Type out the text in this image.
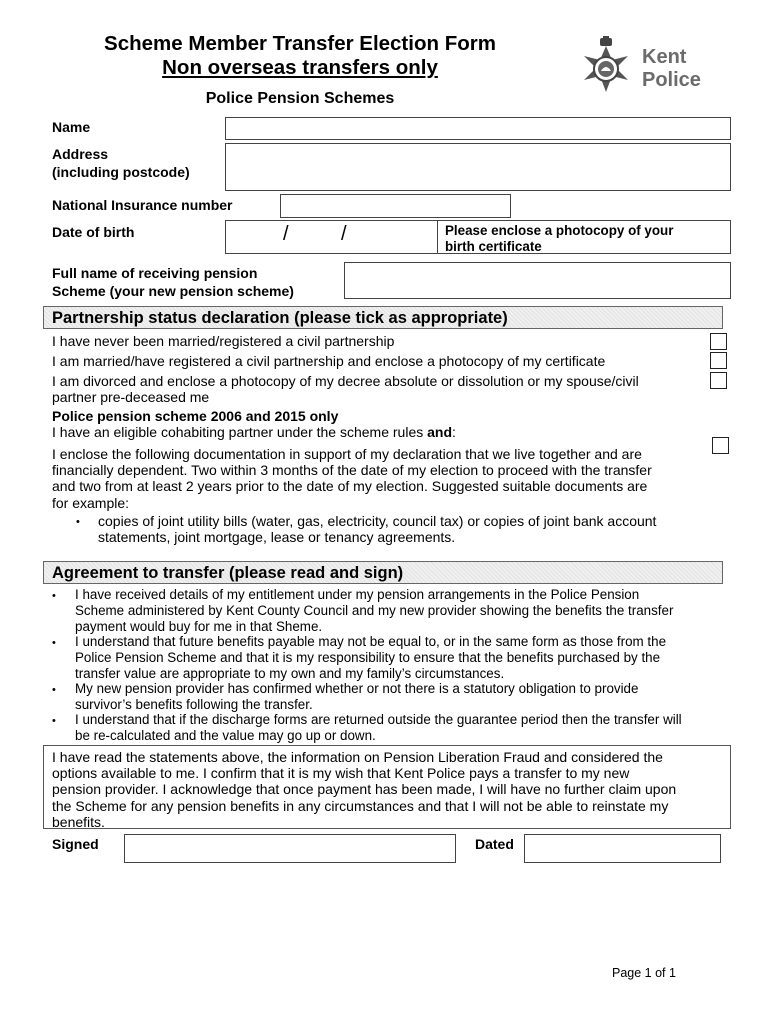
Scheme Member Transfer Election Form
Non overseas transfers only
Police Pension Schemes
Kent
Police
Name
Address
(including postcode)
National Insurance number
Date of birth	/	/	Please enclose a photocopy of your
birth certificate
Full name of receiving pension
Scheme (your new pension scheme)
Partnership status declaration (please tick as appropriate)
I have never been married/registered a civil partnership
I am married/have registered a civil partnership and enclose a photocopy of my certificate
I am divorced and enclose a photocopy of my decree absolute or dissolution or my spouse/civil
partner pre-deceased me
Police pension scheme 2006 and 2015 only
I have an eligible cohabiting partner under the scheme rules and:
I enclose the following documentation in support of my declaration that we live together and are
financially dependent. Two within 3 months of the date of my election to proceed with the transfer
and two from at least 2 years prior to the date of my election. Suggested suitable documents are
for example:
• copies of joint utility bills (water, gas, electricity, council tax) or copies of joint bank account
statements, joint mortgage, lease or tenancy agreements.
Agreement to transfer (please read and sign)
• I have received details of my entitlement under my pension arrangements in the Police Pension
Scheme administered by Kent County Council and my new provider showing the benefits the transfer
payment would buy for me in that Sheme.
• I understand that future benefits payable may not be equal to, or in the same form as those from the
Police Pension Scheme and that it is my responsibility to ensure that the benefits purchased by the
transfer value are appropriate to my own and my family’s circumstances.
• My new pension provider has confirmed whether or not there is a statutory obligation to provide
survivor’s benefits following the transfer.
• I understand that if the discharge forms are returned outside the guarantee period then the transfer will
be re-calculated and the value may go up or down.
I have read the statements above, the information on Pension Liberation Fraud and considered the
options available to me. I confirm that it is my wish that Kent Police pays a transfer to my new
pension provider. I acknowledge that once payment has been made, I will have no further claim upon
the Scheme for any pension benefits in any circumstances and that I will not be able to reinstate my
benefits.
Signed	Dated
Page 1 of 1
